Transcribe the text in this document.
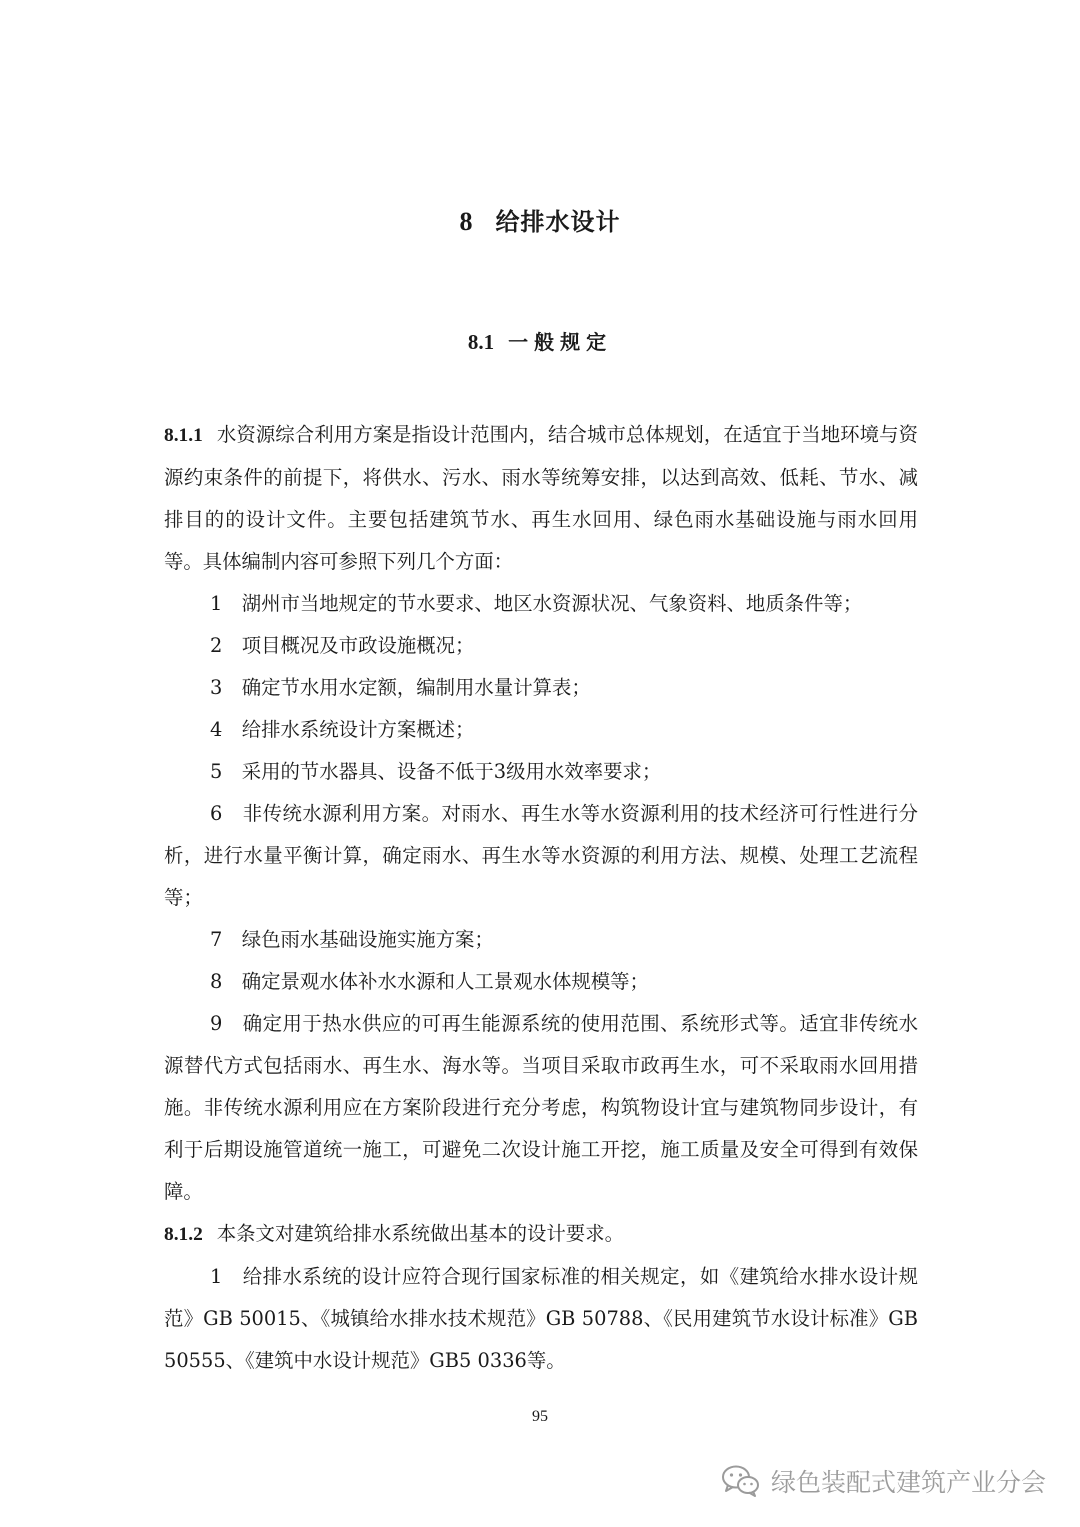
8 给排水设计
8.1 一般规定

8.1.1 水资源综合利用方案是指设计范围内，结合城市总体规划，在适宜于当地环境与资源约束条件的前提下，将供水、污水、雨水等统筹安排，以达到高效、低耗、节水、减排目的的设计文件。主要包括建筑节水、再生水回用、绿色雨水基础设施与雨水回用等。具体编制内容可参照下列几个方面：

1　湖州市当地规定的节水要求、地区水资源状况、气象资料、地质条件等；

2　项目概况及市政设施概况；

3　确定节水用水定额，编制用水量计算表；

4　给排水系统设计方案概述；

5　采用的节水器具、设备不低于3级用水效率要求；

6　非传统水源利用方案。对雨水、再生水等水资源利用的技术经济可行性进行分析，进行水量平衡计算，确定雨水、再生水等水资源的利用方法、规模、处理工艺流程等；

7　绿色雨水基础设施实施方案；

8　确定景观水体补水水源和人工景观水体规模等；

9　确定用于热水供应的可再生能源系统的使用范围、系统形式等。适宜非传统水源替代方式包括雨水、再生水、海水等。当项目采取市政再生水，可不采取雨水回用措施。非传统水源利用应在方案阶段进行充分考虑，构筑物设计宜与建筑物同步设计，有利于后期设施管道统一施工，可避免二次设计施工开挖，施工质量及安全可得到有效保障。

8.1.2 本条文对建筑给排水系统做出基本的设计要求。

1　给排水系统的设计应符合现行国家标准的相关规定，如《建筑给水排水设计规范》GB 50015、《城镇给水排水技术规范》GB 50788、《民用建筑节水设计标准》GB 50555、《建筑中水设计规范》GB5 0336等。

95
绿色装配式建筑产业分会
